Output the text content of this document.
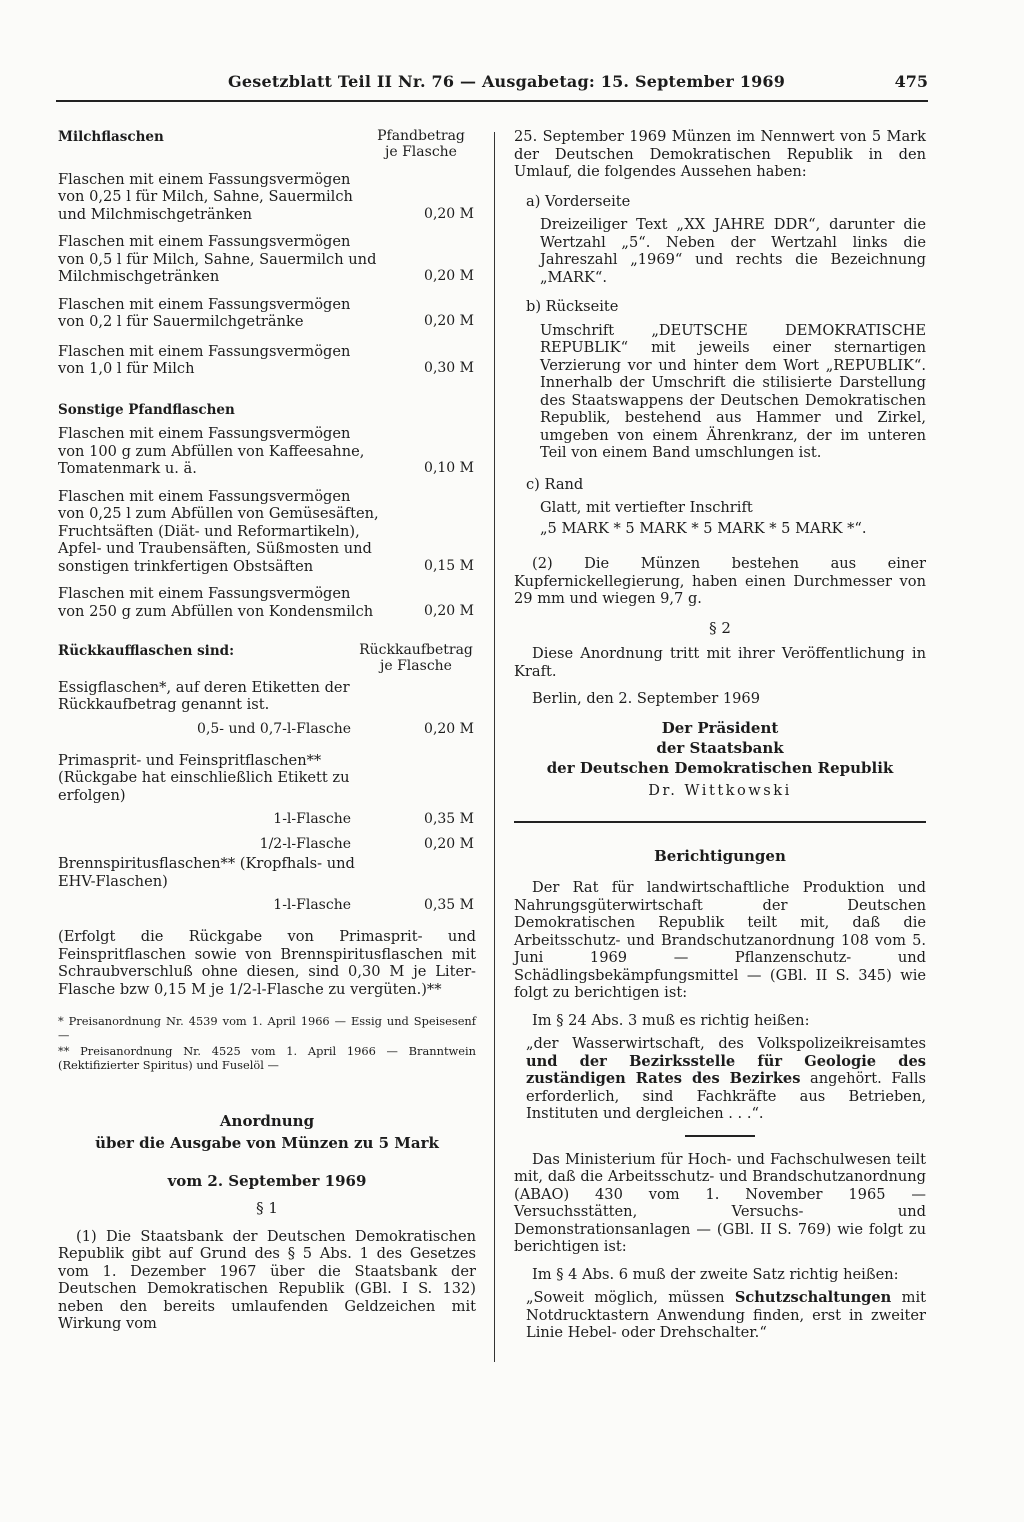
Gesetzblatt Teil II Nr. 76 — Ausgabetag: 15. September 1969	475
Milchflaschen	Pfandbetrag
je Flasche

Flaschen mit einem Fassungsvermögen von 0,25 l für Milch, Sahne, Sauermilch und Milchmischgetränken	0,20 M

Flaschen mit einem Fassungsvermögen von 0,5 l für Milch, Sahne, Sauermilch und Milchmischgetränken	0,20 M

Flaschen mit einem Fassungsvermögen von 0,2 l für Sauermilchgetränke	0,20 M

Flaschen mit einem Fassungsvermögen von 1,0 l für Milch	0,30 M
Sonstige Pfandflaschen

Flaschen mit einem Fassungsvermögen von 100 g zum Abfüllen von Kaffeesahne, Tomatenmark u. ä.	0,10 M

Flaschen mit einem Fassungsvermögen von 0,25 l zum Abfüllen von Gemüsesäften, Fruchtsäften (Diät- und Reformartikeln), Apfel- und Traubensäften, Süßmosten und sonstigen trinkfertigen Obstsäften	0,15 M

Flaschen mit einem Fassungsvermögen von 250 g zum Abfüllen von Kondensmilch	0,20 M
Rückkaufflaschen sind:	Rückkaufbetrag
je Flasche

Essigflaschen*, auf deren Etiketten der Rückkaufbetrag genannt ist.

0,5- und 0,7-l-Flasche	0,20 M

Primasprit- und Feinspritflaschen** (Rückgabe hat einschließlich Etikett zu erfolgen)

1-l-Flasche	0,35 M
1/2-l-Flasche	0,20 M

Brennspiritusflaschen** (Kropfhals- und EHV-Flaschen)

1-l-Flasche	0,35 M

(Erfolgt die Rückgabe von Primasprit- und Feinspritflaschen sowie von Brennspiritusflaschen mit Schraubverschluß ohne diesen, sind 0,30 M je Liter-Flasche bzw 0,15 M je 1/2-l-Flasche zu vergüten.)**

* Preisanordnung Nr. 4539 vom 1. April 1966 — Essig und Speisesenf —

** Preisanordnung Nr. 4525 vom 1. April 1966 — Branntwein (Rektifizierter Spiritus) und Fuselöl —

Anordnung
über die Ausgabe von Münzen zu 5 Mark
vom 2. September 1969
§ 1

(1) Die Staatsbank der Deutschen Demokratischen Republik gibt auf Grund des § 5 Abs. 1 des Gesetzes vom 1. Dezember 1967 über die Staatsbank der Deutschen Demokratischen Republik (GBl. I S. 132) neben den bereits umlaufenden Geldzeichen mit Wirkung vom

25. September 1969 Münzen im Nennwert von 5 Mark der Deutschen Demokratischen Republik in den Umlauf, die folgendes Aussehen haben:

a) Vorderseite

Dreizeiliger Text „XX JAHRE DDR“, darunter die Wertzahl „5“. Neben der Wertzahl links die Jahreszahl „1969“ und rechts die Bezeichnung „MARK“.

b) Rückseite

Umschrift „DEUTSCHE DEMOKRATISCHE REPUBLIK“ mit jeweils einer sternartigen Verzierung vor und hinter dem Wort „REPUBLIK“. Innerhalb der Umschrift die stilisierte Darstellung des Staatswappens der Deutschen Demokratischen Republik, bestehend aus Hammer und Zirkel, umgeben von einem Ährenkranz, der im unteren Teil von einem Band umschlungen ist.

c) Rand

Glatt, mit vertiefter Inschrift

„5 MARK * 5 MARK * 5 MARK * 5 MARK *“.

(2) Die Münzen bestehen aus einer Kupfernickellegierung, haben einen Durchmesser von 29 mm und wiegen 9,7 g.

§ 2

Diese Anordnung tritt mit ihrer Veröffentlichung in Kraft.

Berlin, den 2. September 1969

Der Präsident
der Staatsbank
der Deutschen Demokratischen Republik
Dr. Wittkowski
Berichtigungen

Der Rat für landwirtschaftliche Produktion und Nahrungsgüterwirtschaft der Deutschen Demokratischen Republik teilt mit, daß die Arbeitsschutz- und Brandschutzanordnung 108 vom 5. Juni 1969 — Pflanzenschutz- und Schädlingsbekämpfungsmittel — (GBl. II S. 345) wie folgt zu berichtigen ist:

Im § 24 Abs. 3 muß es richtig heißen:

„der Wasserwirtschaft, des Volkspolizeikreisamtes und der Bezirksstelle für Geologie des zuständigen Rates des Bezirkes angehört. Falls erforderlich, sind Fachkräfte aus Betrieben, Instituten und dergleichen . . .“.

Das Ministerium für Hoch- und Fachschulwesen teilt mit, daß die Arbeitsschutz- und Brandschutzanordnung (ABAO) 430 vom 1. November 1965 — Versuchsstätten, Versuchs- und Demonstrationsanlagen — (GBl. II S. 769) wie folgt zu berichtigen ist:

Im § 4 Abs. 6 muß der zweite Satz richtig heißen:

„Soweit möglich, müssen Schutzschaltungen mit Notdrucktastern Anwendung finden, erst in zweiter Linie Hebel- oder Drehschalter.“
